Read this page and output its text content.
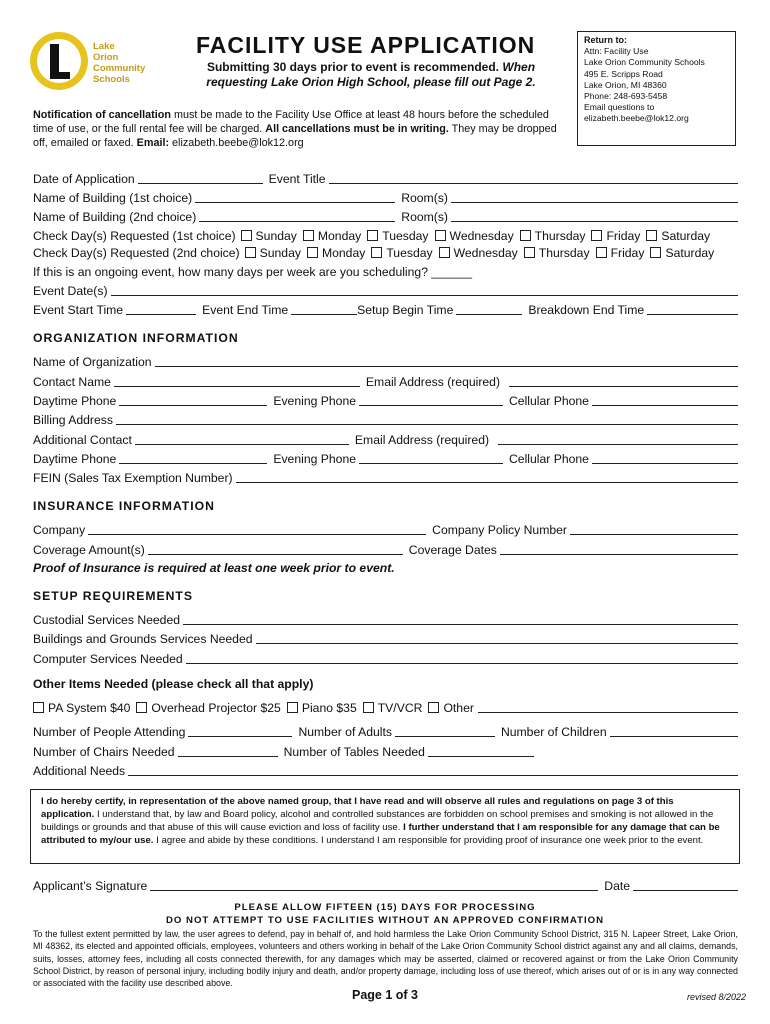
Lake
Orion
Community
Schools
FACILITY USE APPLICATION
Submitting 30 days prior to event is recommended. When requesting Lake Orion High School, please fill out Page 2.
Notification of cancellation must be made to the Facility Use Office at least 48 hours before the scheduled time of use, or the full rental fee will be charged. All cancellations must be in writing. They may be dropped off, emailed or faxed. Email: elizabeth.beebe@lok12.org
Return to:
Attn: Facility Use
Lake Orion Community Schools
495 E. Scripps Road
Lake Orion, MI 48360
Phone: 248-693-5458
Email questions to
elizabeth.beebe@lok12.org
Date of Application	Event Title
Name of Building (1st choice)	Room(s)
Name of Building (2nd choice)	Room(s)
Check Day(s) Requested (1st choice) Sunday	Monday	Tuesday	Wednesday	Thursday	Friday	Saturday
Check Day(s) Requested (2nd choice) Sunday	Monday	Tuesday	Wednesday	Thursday	Friday	Saturday
If this is an ongoing event, how many days per week are you scheduling? ______
Event Date(s)
Event Start Time	Event End Time	Setup Begin Time	Breakdown End Time
ORGANIZATION INFORMATION
Name of Organization
Contact Name	Email Address (required)
Daytime Phone	Evening Phone	Cellular Phone
Billing Address
Additional Contact	Email Address (required)
Daytime Phone	Evening Phone	Cellular Phone
FEIN (Sales Tax Exemption Number)
INSURANCE INFORMATION
Company	Company Policy Number
Coverage Amount(s)	Coverage Dates
Proof of Insurance is required at least one week prior to event.
SETUP REQUIREMENTS
Custodial Services Needed
Buildings and Grounds Services Needed
Computer Services Needed
Other Items Needed (please check all that apply)
PA System $40	Overhead Projector $25	Piano $35	TV/VCR	Other
Number of People Attending	Number of Adults	Number of Children
Number of Chairs Needed	Number of Tables Needed
Additional Needs
I do hereby certify, in representation of the above named group, that I have read and will observe all rules and regulations on page 3 of this application. I understand that, by law and Board policy, alcohol and controlled substances are forbidden on school premises and smoking is not allowed in the buildings or grounds and that abuse of this will cause eviction and loss of facility use. I further understand that I am responsible for any damage that can be attributed to my/our use. I agree and abide by these conditions. I understand I am responsible for providing proof of insurance one week prior to the event.
Applicant’s Signature	Date
PLEASE ALLOW FIFTEEN (15) DAYS FOR PROCESSING
DO NOT ATTEMPT TO USE FACILITIES WITHOUT AN APPROVED CONFIRMATION
To the fullest extent permitted by law, the user agrees to defend, pay in behalf of, and hold harmless the Lake Orion Community School District, 315 N. Lapeer Street, Lake Orion, MI 48362, its elected and appointed officials, employees, volunteers and others working in behalf of the Lake Orion Community School district against any and all claims, demands, suits, losses, attorney fees, including all costs connected therewith, for any damages which may be asserted, claimed or recovered against or from the Lake Orion Community School District, by reason of personal injury, including bodily injury and death, and/or property damage, including loss of use thereof, which arises out of or is in any way connected or associated with the facility use described above.
Page 1 of 3	revised 8/2022
